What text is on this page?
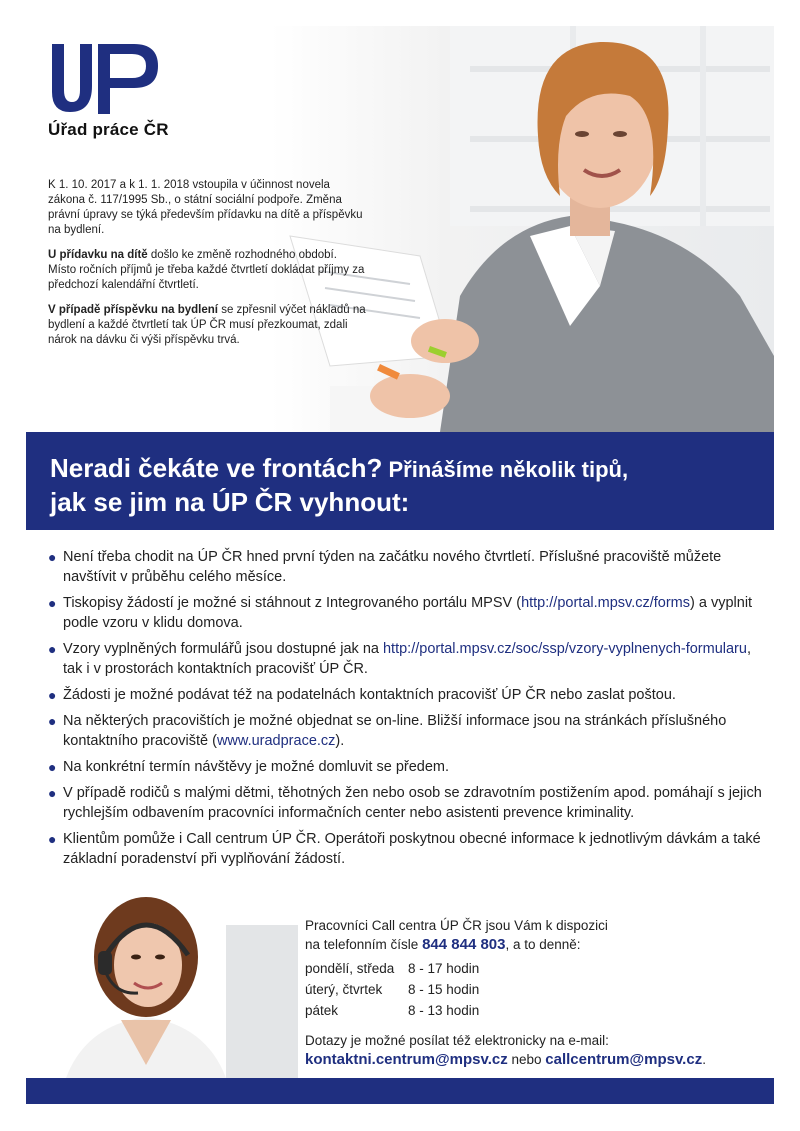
Úřad práce ČR

K 1. 10. 2017 a k 1. 1. 2018 vstoupila v účinnost novela zákona č. 117/1995 Sb., o státní sociální podpoře. Změna právní úpravy se týká především přídavku na dítě a příspěvku na bydlení.

U přídavku na dítě došlo ke změně rozhodného období. Místo ročních příjmů je třeba každé čtvrtletí dokládat příjmy za předchozí kalendářní čtvrtletí.

V případě příspěvku na bydlení se zpřesnil výčet nákladů na bydlení a každé čtvrtletí tak ÚP ČR musí přezkoumat, zdali nárok na dávku či výši příspěvku trvá.

Neradi čekáte ve frontách? Přinášíme několik tipů,
jak se jim na ÚP ČR vyhnout:
● Není třeba chodit na ÚP ČR hned první týden na začátku nového čtvrtletí. Příslušné pracoviště můžete navštívit v průběhu celého měsíce.
● Tiskopisy žádostí je možné si stáhnout z Integrovaného portálu MPSV (http://portal.mpsv.cz/forms) a vyplnit podle vzoru v klidu domova.
● Vzory vyplněných formulářů jsou dostupné jak na http://portal.mpsv.cz/soc/ssp/vzory-vyplnenych-formularu, tak i v prostorách kontaktních pracovišť ÚP ČR.
● Žádosti je možné podávat též na podatelnách kontaktních pracovišť ÚP ČR nebo zaslat poštou.
● Na některých pracovištích je možné objednat se on-line. Bližší informace jsou na stránkách příslušného kontaktního pracoviště (www.uradprace.cz).
● Na konkrétní termín návštěvy je možné domluvit se předem.
● V případě rodičů s malými dětmi, těhotných žen nebo osob se zdravotním postižením apod. pomáhají s jejich rychlejším odbavením pracovníci informačních center nebo asistenti prevence kriminality.
● Klientům pomůže i Call centrum ÚP ČR. Operátoři poskytnou obecné informace k jednotlivým dávkám a také základní poradenství při vyplňování žádostí.
Pracovníci Call centra ÚP ČR jsou Vám k dispozici
na telefonním čísle 844 844 803, a to denně:
pondělí, středa	8 - 17 hodin
úterý, čtvrtek	8 - 15 hodin
pátek	8 - 13 hodin
Dotazy je možné posílat též elektronicky na e-mail:
kontaktni.centrum@mpsv.cz nebo callcentrum@mpsv.cz.
